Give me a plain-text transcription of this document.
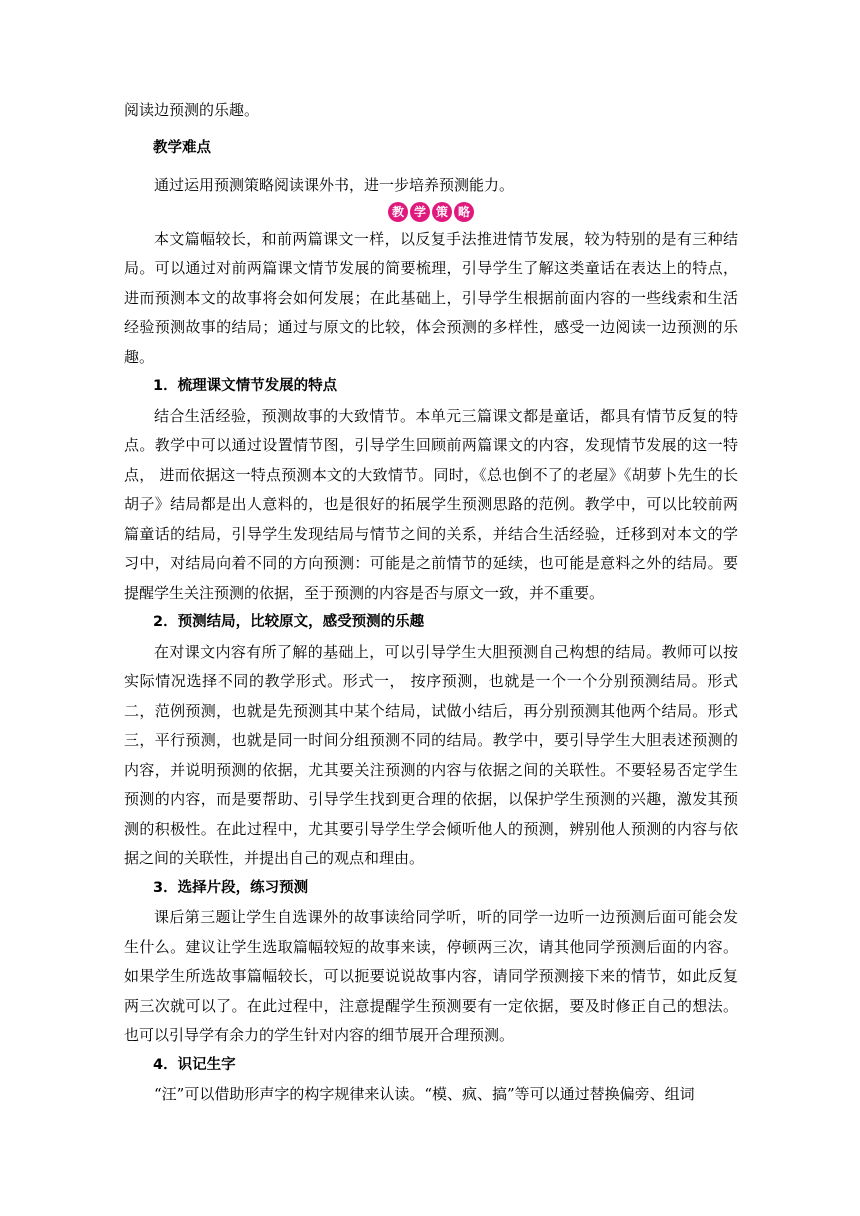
阅读边预测的乐趣。

教学难点

通过运用预测策略阅读课外书，进一步培养预测能力。

教 学 策 略

本文篇幅较长，和前两篇课文一样，以反复手法推进情节发展，较为特别的是有三种结局。可以通过对前两篇课文情节发展的简要梳理，引导学生了解这类童话在表达上的特点，进而预测本文的故事将会如何发展；在此基础上，引导学生根据前面内容的一些线索和生活经验预测故事的结局；通过与原文的比较，体会预测的多样性，感受一边阅读一边预测的乐趣。

1．梳理课文情节发展的特点

结合生活经验，预测故事的大致情节。本单元三篇课文都是童话，都具有情节反复的特点。教学中可以通过设置情节图，引导学生回顾前两篇课文的内容，发现情节发展的这一特点， 进而依据这一特点预测本文的大致情节。同时，《总也倒不了的老屋》《胡萝卜先生的长胡子》结局都是出人意料的，也是很好的拓展学生预测思路的范例。教学中，可以比较前两篇童话的结局，引导学生发现结局与情节之间的关系，并结合生活经验，迁移到对本文的学习中，对结局向着不同的方向预测：可能是之前情节的延续，也可能是意料之外的结局。要提醒学生关注预测的依据，至于预测的内容是否与原文一致，并不重要。

2．预测结局，比较原文，感受预测的乐趣

在对课文内容有所了解的基础上，可以引导学生大胆预测自己构想的结局。教师可以按实际情况选择不同的教学形式。形式一， 按序预测，也就是一个一个分别预测结局。形式二，范例预测，也就是先预测其中某个结局，试做小结后，再分别预测其他两个结局。形式三，平行预测，也就是同一时间分组预测不同的结局。教学中，要引导学生大胆表述预测的内容，并说明预测的依据，尤其要关注预测的内容与依据之间的关联性。不要轻易否定学生预测的内容，而是要帮助、引导学生找到更合理的依据，以保护学生预测的兴趣，激发其预测的积极性。在此过程中，尤其要引导学生学会倾听他人的预测，辨别他人预测的内容与依据之间的关联性，并提出自己的观点和理由。

3．选择片段，练习预测

课后第三题让学生自选课外的故事读给同学听，听的同学一边听一边预测后面可能会发生什么。建议让学生选取篇幅较短的故事来读，停顿两三次，请其他同学预测后面的内容。如果学生所选故事篇幅较长，可以扼要说说故事内容，请同学预测接下来的情节，如此反复两三次就可以了。在此过程中，注意提醒学生预测要有一定依据，要及时修正自己的想法。也可以引导学有余力的学生针对内容的细节展开合理预测。

4．识记生字

“汪”可以借助形声字的构字规律来认读。“模、疯、搞”等可以通过替换偏旁、组词
